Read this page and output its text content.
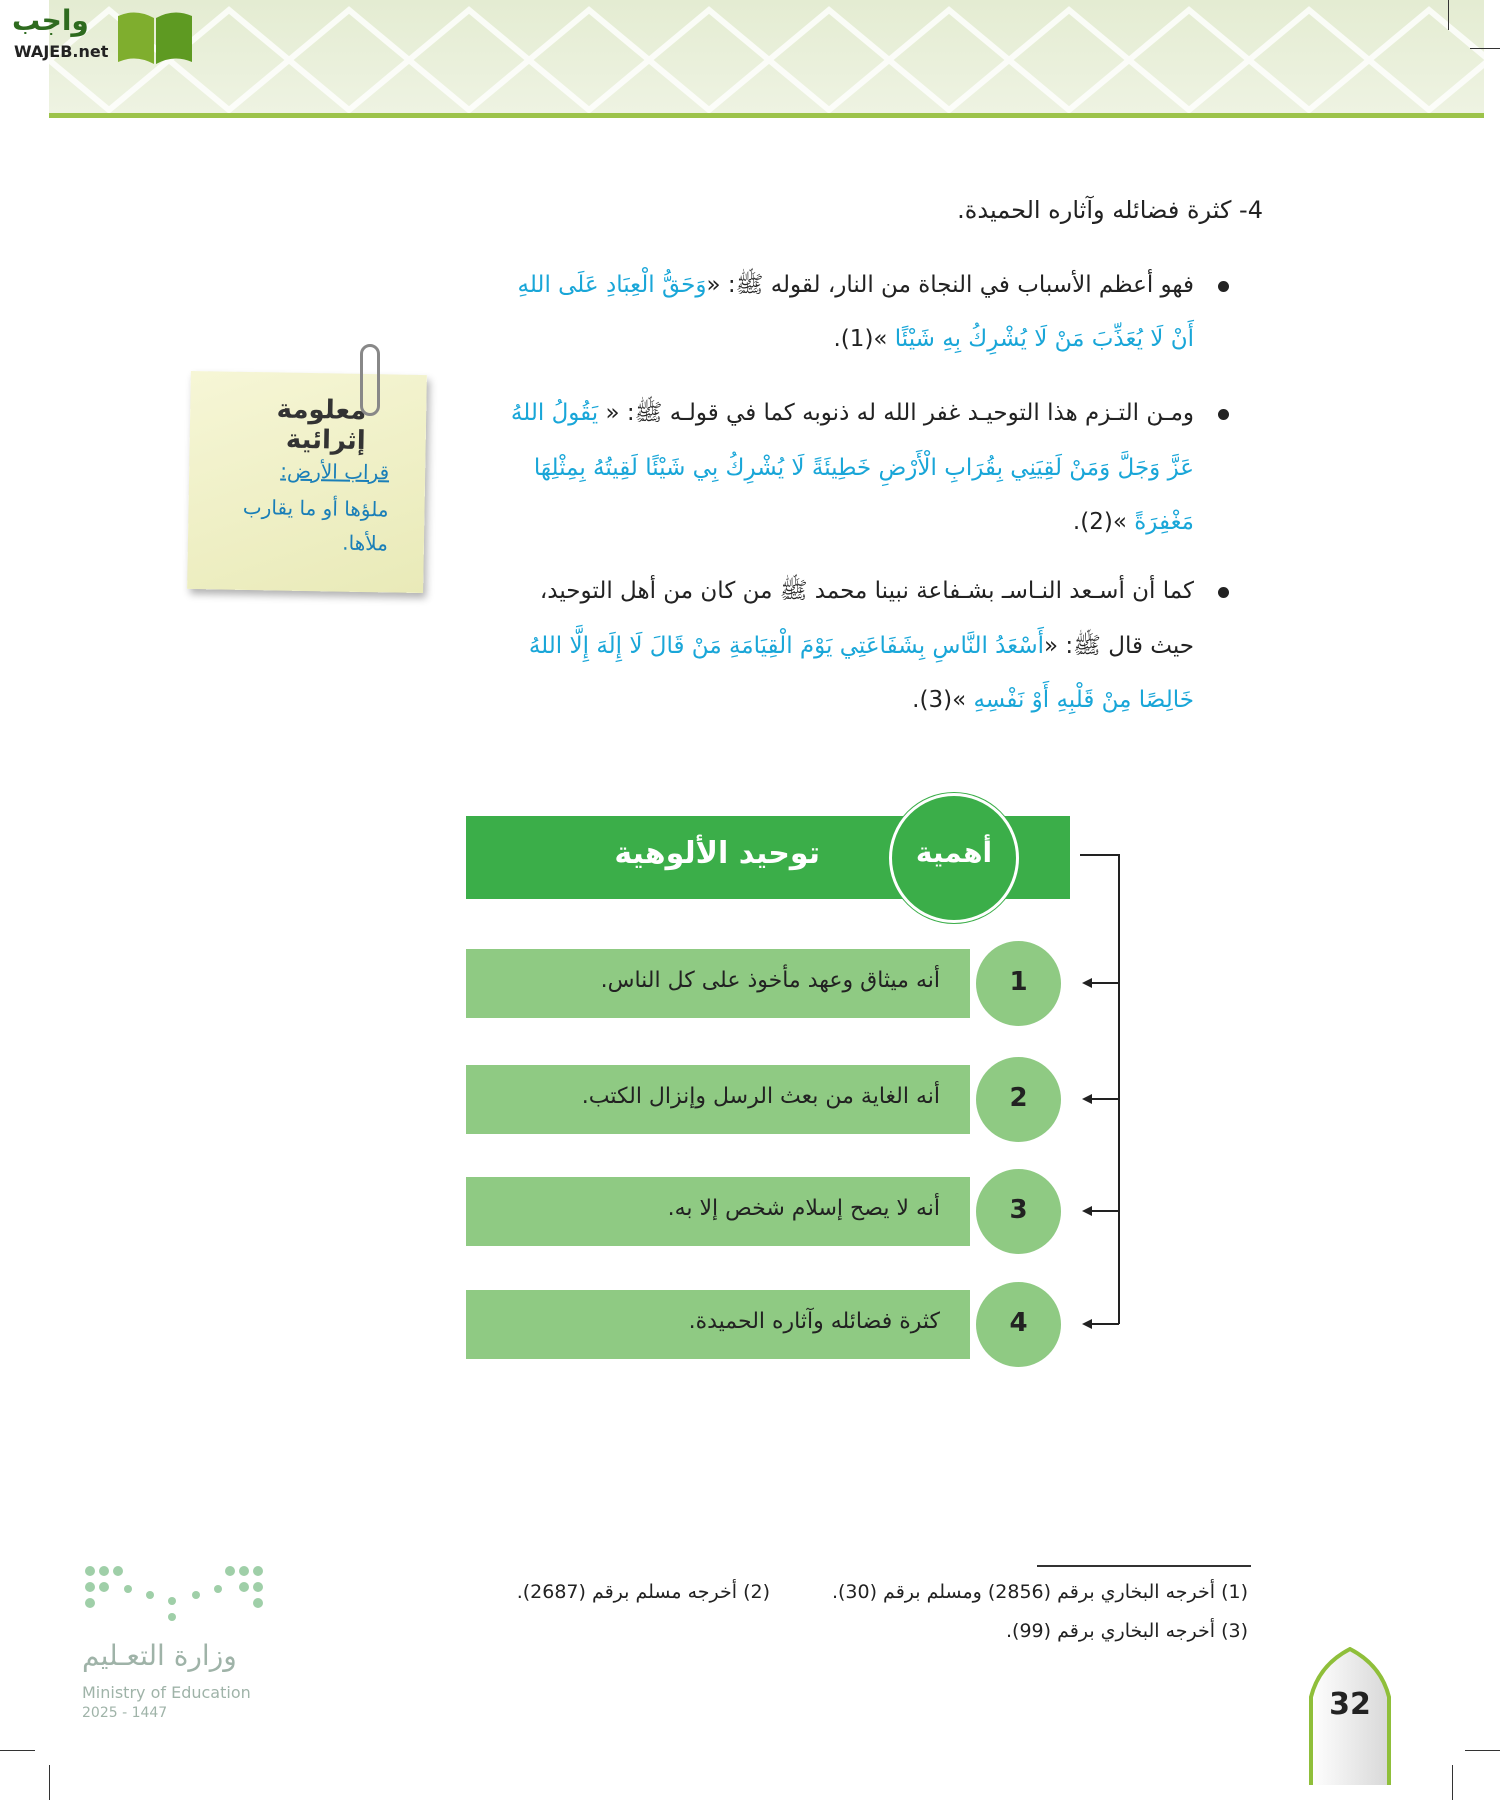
واجب
WAJEB.net
4- كثرة فضائله وآثاره الحميدة.
فهو أعظم الأسباب في النجاة من النار، لقوله ﷺ: «وَحَقُّ الْعِبَادِ عَلَى اللهِ
أَنْ لَا يُعَذِّبَ مَنْ لَا يُشْرِكُ بِهِ شَيْئًا »(1).
ومـن التـزم هذا التوحيـد غفر الله له ذنوبه كما في قولـه ﷺ: « يَقُولُ اللهُ
عَزَّ وَجَلَّ وَمَنْ لَقِيَنِي بِقُرَابِ الْأَرْضِ خَطِيئَةً لَا يُشْرِكُ بِي شَيْئًا لَقِيتُهُ بِمِثْلِهَا
مَغْفِرَةً »(2).
كما أن أسـعد النـاسـ بشـفاعة نبينا محمد ﷺ من كان من أهل التوحيد،
حيث قال ﷺ: «أَسْعَدُ النَّاسِ بِشَفَاعَتِي يَوْمَ الْقِيَامَةِ مَنْ قَالَ لَا إِلَهَ إِلَّا اللهُ
خَالِصًا مِنْ قَلْبِهِ أَوْ نَفْسِهِ »(3).
معلومة إثرائية
قراب الأرض:
ملؤها أو ما يقارب ملأها.
توحيد الألوهية	أهمية
أنه ميثاق وعهد مأخوذ على كل الناس.	1
أنه الغاية من بعث الرسل وإنزال الكتب.	2
أنه لا يصح إسلام شخص إلا به.	3
كثرة فضائله وآثاره الحميدة.	4
(1) أخرجه البخاري برقم (2856) ومسلم برقم (30).
(2) أخرجه مسلم برقم (2687).
(3) أخرجه البخاري برقم (99).
وزارة التعـليم
Ministry of Education
2025 - 1447	32
